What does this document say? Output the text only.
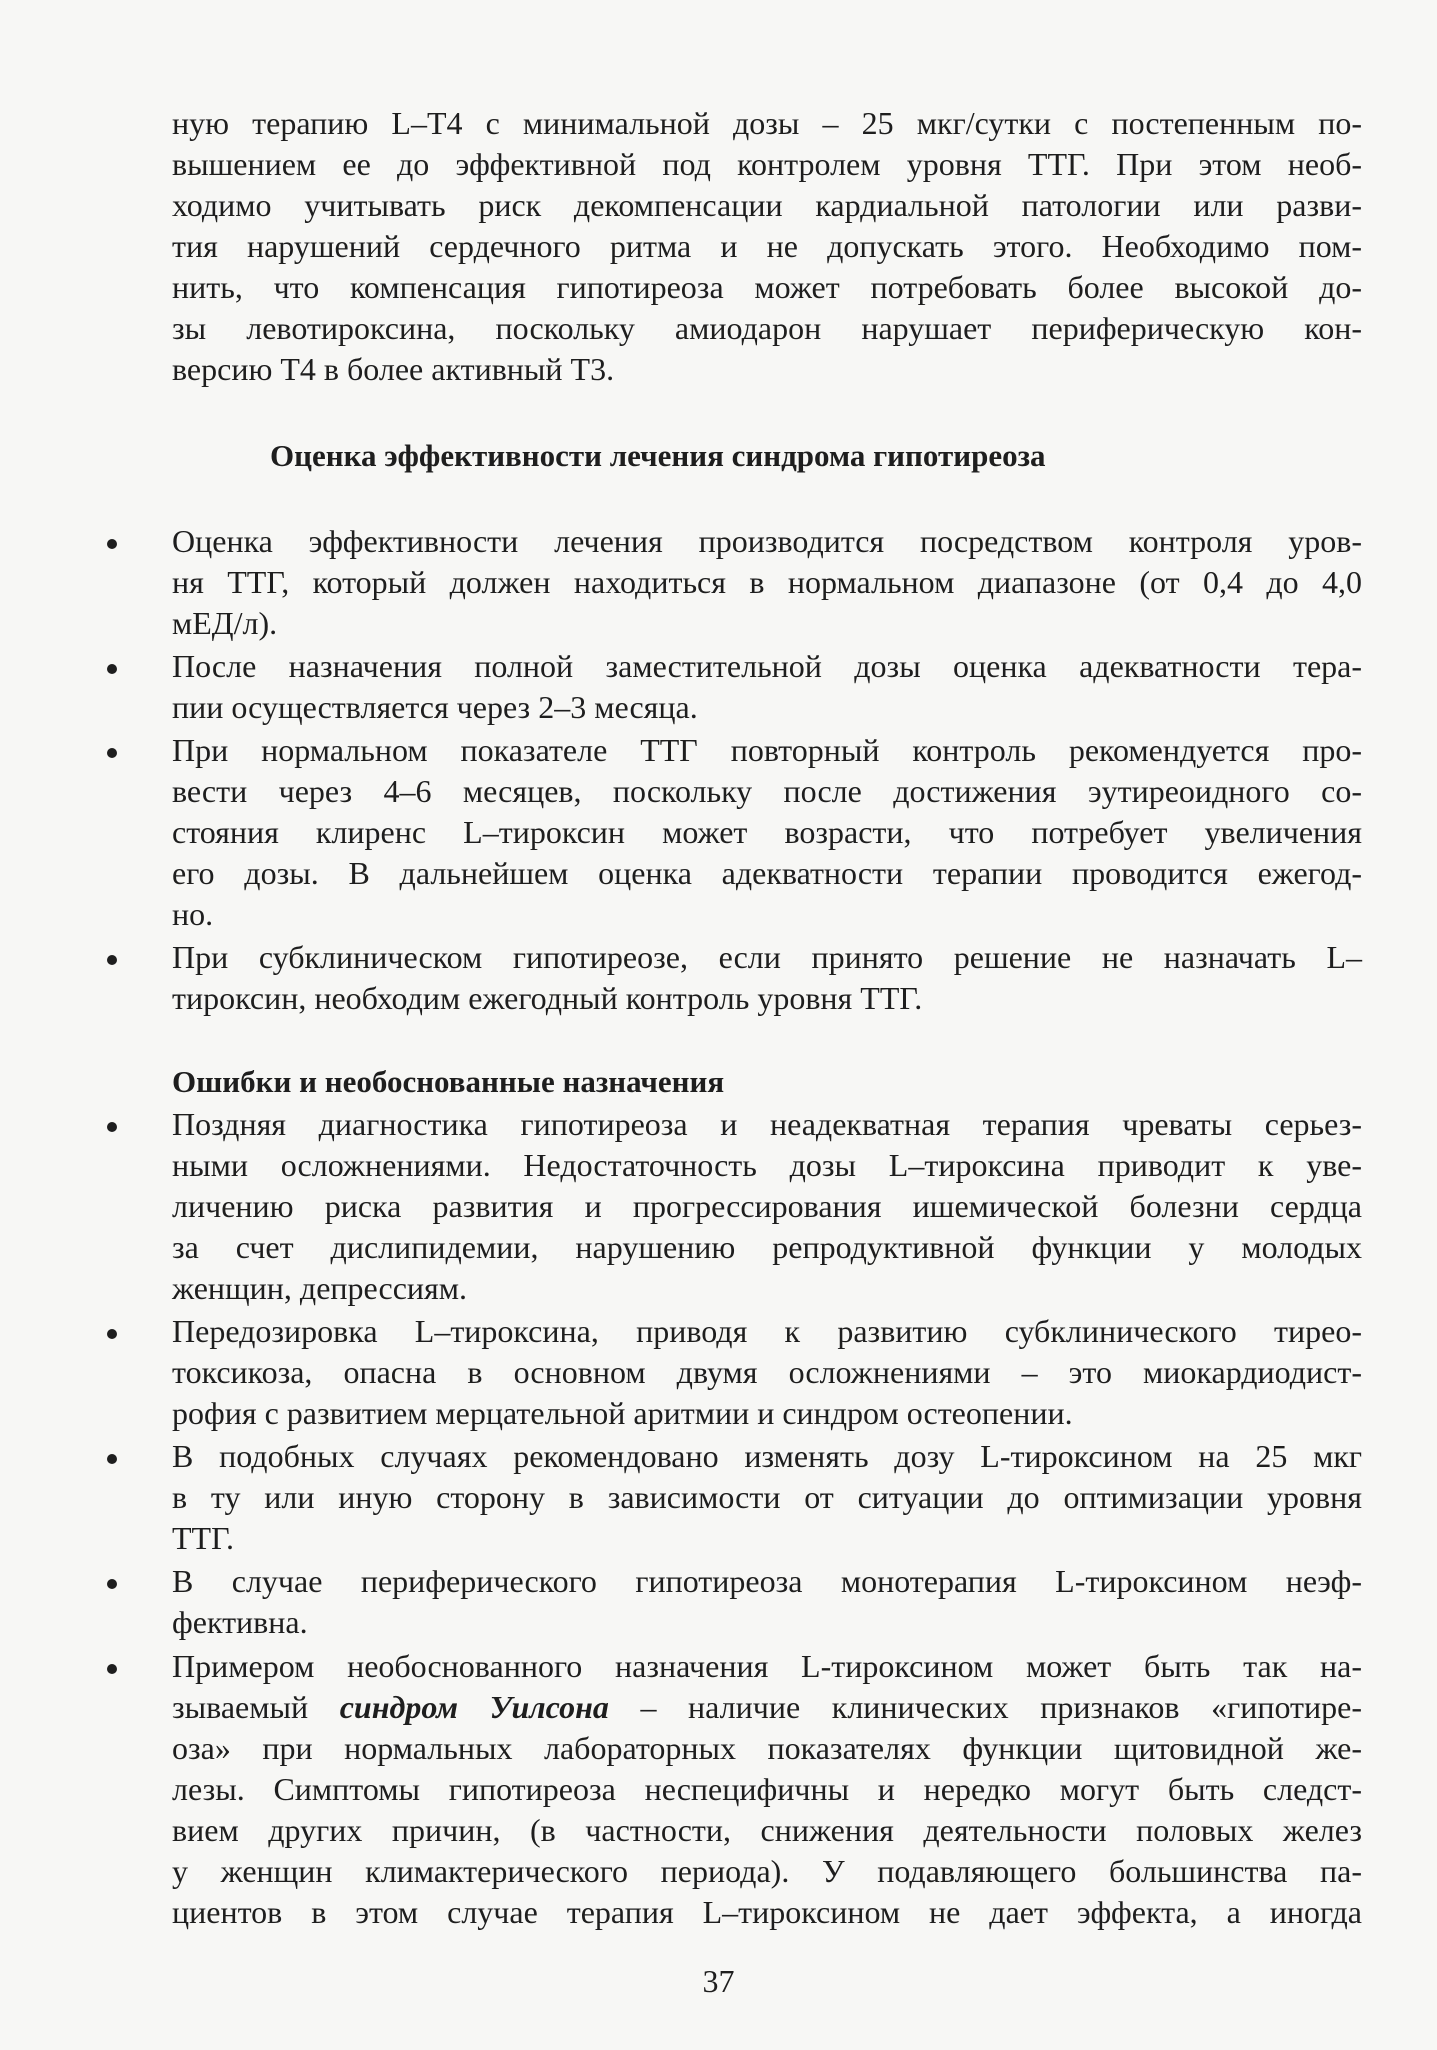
ную терапию L–T4 с минимальной дозы – 25 мкг/сутки с постепенным по-
вышением ее до эффективной под контролем уровня ТТГ. При этом необ-
ходимо учитывать риск декомпенсации кардиальной патологии или разви-
тия нарушений сердечного ритма и не допускать этого. Необходимо пом-
нить, что компенсация гипотиреоза может потребовать более высокой до-
зы левотироксина, поскольку амиодарон нарушает периферическую кон-
версию Т4 в более активный Т3.
Оценка эффективности лечения синдрома гипотиреоза
Оценка эффективности лечения производится посредством контроля уров-
ня ТТГ, который должен находиться в нормальном диапазоне (от 0,4 до 4,0
мЕД/л).
После назначения полной заместительной дозы оценка адекватности тера-
пии осуществляется через 2–3 месяца.
При нормальном показателе ТТГ повторный контроль рекомендуется про-
вести через 4–6 месяцев, поскольку после достижения эутиреоидного со-
стояния клиренс L–тироксин может возрасти, что потребует увеличения
его дозы. В дальнейшем оценка адекватности терапии проводится ежегод-
но.
При субклиническом гипотиреозе, если принято решение не назначать L–
тироксин, необходим ежегодный контроль уровня ТТГ.
Ошибки и необоснованные назначения
Поздняя диагностика гипотиреоза и неадекватная терапия чреваты серьез-
ными осложнениями. Недостаточность дозы L–тироксина приводит к уве-
личению риска развития и прогрессирования ишемической болезни сердца
за счет дислипидемии, нарушению репродуктивной функции у молодых
женщин, депрессиям.
Передозировка L–тироксина, приводя к развитию субклинического тирео-
токсикоза, опасна в основном двумя осложнениями – это миокардиодист-
рофия с развитием мерцательной аритмии и синдром остеопении.
В подобных случаях рекомендовано изменять дозу L-тироксином на 25 мкг
в ту или иную сторону в зависимости от ситуации до оптимизации уровня
ТТГ.
В случае периферического гипотиреоза монотерапия L-тироксином неэф-
фективна.
Примером необоснованного назначения L-тироксином может быть так на-
зываемый синдром Уилсона – наличие клинических признаков «гипотире-
оза» при нормальных лабораторных показателях функции щитовидной же-
лезы. Симптомы гипотиреоза неспецифичны и нередко могут быть следст-
вием других причин, (в частности, снижения деятельности половых желез
у женщин климактерического периода). У подавляющего большинства па-
циентов в этом случае терапия L–тироксином не дает эффекта, а иногда
37
